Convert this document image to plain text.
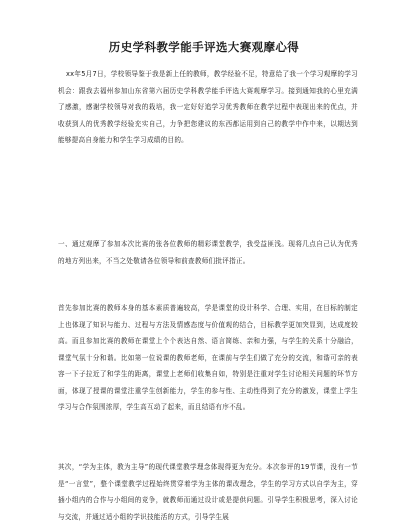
历史学科教学能手评选大赛观摩心得

xx年5月7日，学校领导鉴于我是新上任的教师，教学经验不足，特意给了我一个学习观摩的学习机会：跟我去福州参加山东省第六届历史学科教学能手评选大赛观摩学习。接到通知我的心里充满了感激，感谢学校领导对我的栽培，我一定好好追学习优秀教师在教学过程中表现出来的优点，并收获到人的优秀教学经验充实自己，力争把您建议的东西都运用到自己的教学中作中来，以期达到能够提高自身能力和学生学习成绩的目的。

一、通过观摩了参加本次比赛的张各位教师的精彩课堂教学，我受益匪浅。现将几点自己认为优秀的地方列出来，不当之处敬请各位领导和前查教师们批评指正。

首先参加比赛的教师本身的基本素质普遍较高，学是课堂的设计科学、合理、实用，在目标的制定上也体现了知识与能力、过程与方法及情感态度与价值观的结合，目标教学更加突显到，达成度较高。而且参加比赛的教师在课堂上个个表达自然、语言简练、亲和力强，与学生的关系十分融洽，课堂气氛十分和谐。比如第一位说课的教师老师，在课前与学生们做了充分的交流，和谐可亲的表容一下子拉近了和学生的距离，课堂上老师们收集自如，特别是注重对学生讨论相关问题的环节方面，体现了授课的课堂注重学生创新能力，学生的参与性、主动性得到了充分的激发，课堂上学生学习与合作氛围浓厚，学生高互动了起来，而且结语有序不乱。

其次，“学为主体，教为主导”的现代课堂教学理念体现得更为充分。本次参评的19节课，没有一节是“一言堂”，整个课堂教学过程始终贯穿着学为主体的课改理念，学生的学习方式以自学为主，穿插小组内的合作与小组间的竞争，就教师而通过设计或是提供问题。引导学生积极思考，深入讨论与交流，并通过适小组的学识技能活的方式，引导学生展
